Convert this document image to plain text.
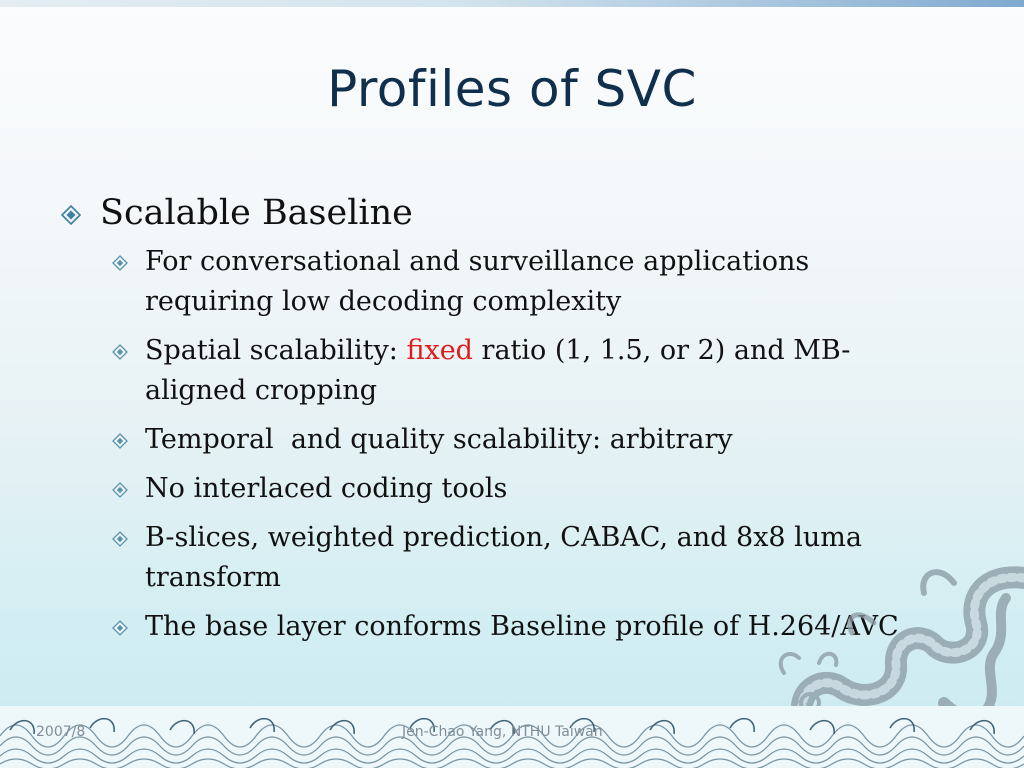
Profiles of SVC
Scalable Baseline
For conversational and surveillance applications requiring low decoding complexity
Spatial scalability: fixed ratio (1, 1.5, or 2) and MB-aligned cropping
Temporal  and quality scalability: arbitrary
No interlaced coding tools
B-slices, weighted prediction, CABAC, and 8x8 luma transform
The base layer conforms Baseline profile of H.264/AVC
2007/8	Jen-Chao Yang, NTHU Taiwan
